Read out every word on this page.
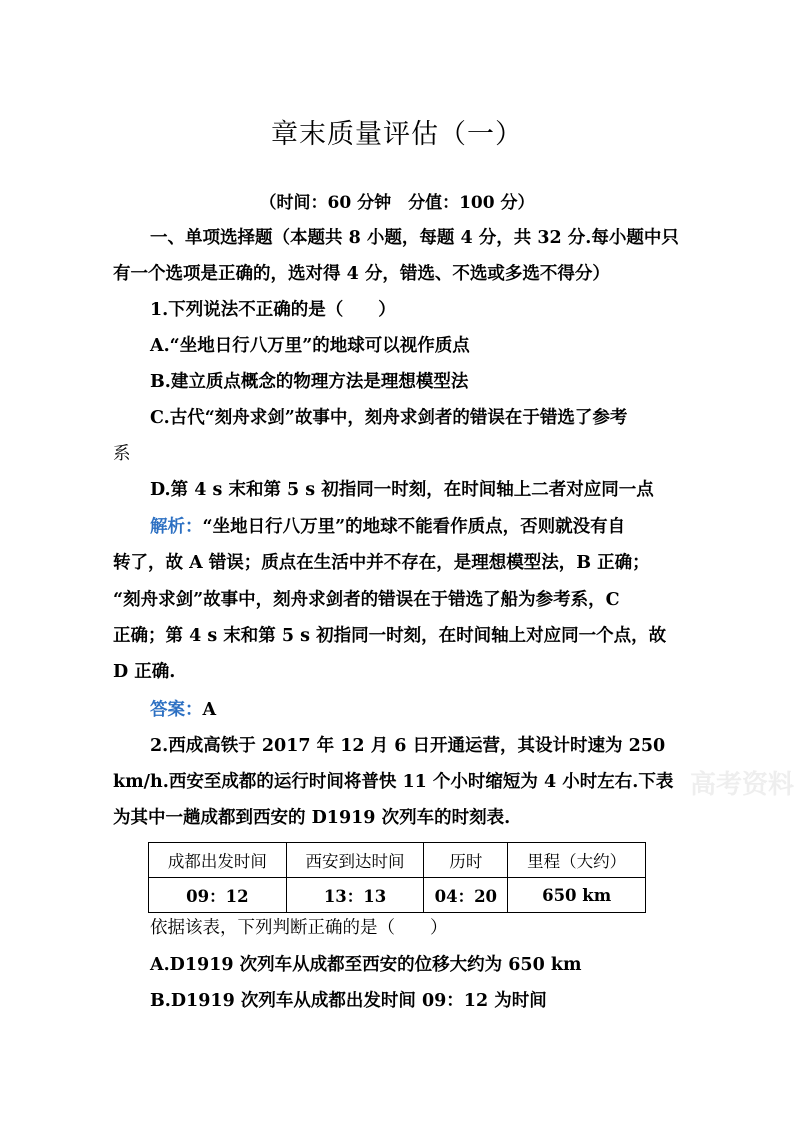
章末质量评估（一）
（时间：60 分钟　分值：100 分）
一、单项选择题（本题共 8 小题，每题 4 分，共 32 分.每小题中只
有一个选项是正确的，选对得 4 分，错选、不选或多选不得分）
1.下列说法不正确的是（　　）
A.“坐地日行八万里”的地球可以视作质点
B.建立质点概念的物理方法是理想模型法
C.古代“刻舟求剑”故事中，刻舟求剑者的错误在于错选了参考
系
D.第 4 s 末和第 5 s 初指同一时刻，在时间轴上二者对应同一点
解析：“坐地日行八万里”的地球不能看作质点，否则就没有自
转了，故 A 错误；质点在生活中并不存在，是理想模型法，B 正确；
“刻舟求剑”故事中，刻舟求剑者的错误在于错选了船为参考系，C
正确；第 4 s 末和第 5 s 初指同一时刻，在时间轴上对应同一个点，故
D 正确.
答案：A
2.西成高铁于 2017 年 12 月 6 日开通运营，其设计时速为 250
km/h.西安至成都的运行时间将普快 11 个小时缩短为 4 小时左右.下表
为其中一趟成都到西安的 D1919 次列车的时刻表.
成都出发时间	西安到达时间	历时	里程（大约）
09：12	13：13	04：20	650 km
依据该表，下列判断正确的是（　　）
A.D1919 次列车从成都至西安的位移大约为 650 km
B.D1919 次列车从成都出发时间 09：12 为时间
高考资料
